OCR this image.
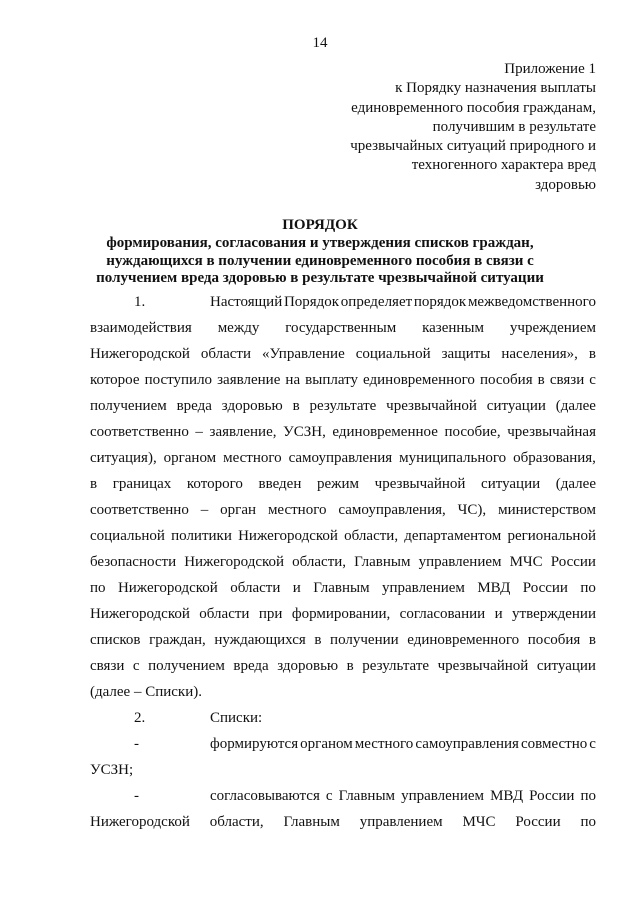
14
Приложение 1
к Порядку назначения выплаты
единовременного пособия гражданам,
получившим в результате
чрезвычайных ситуаций природного и
техногенного характера вред
здоровью
ПОРЯДОК
формирования, согласования и утверждения списков граждан,
нуждающихся в получении единовременного пособия в связи с
получением вреда здоровью в результате чрезвычайной ситуации
1.	Настоящий Порядок определяет порядок межведомственного
взаимодействия между государственным казенным учреждением
Нижегородской области «Управление социальной защиты населения», в
которое поступило заявление на выплату единовременного пособия в связи с
получением вреда здоровью в результате чрезвычайной ситуации (далее
соответственно – заявление, УСЗН, единовременное пособие, чрезвычайная
ситуация), органом местного самоуправления муниципального образования,
в границах которого введен режим чрезвычайной ситуации (далее
соответственно – орган местного самоуправления, ЧС), министерством
социальной политики Нижегородской области, департаментом региональной
безопасности Нижегородской области, Главным управлением МЧС России
по Нижегородской области и Главным управлением МВД России по
Нижегородской области при формировании, согласовании и утверждении
списков граждан, нуждающихся в получении единовременного пособия в
связи с получением вреда здоровью в результате чрезвычайной ситуации
(далее – Списки).
2.	Списки:
-	формируются органом местного самоуправления совместно с
УСЗН;
-	согласовываются с Главным управлением МВД России по
Нижегородской области, Главным управлением МЧС России по
